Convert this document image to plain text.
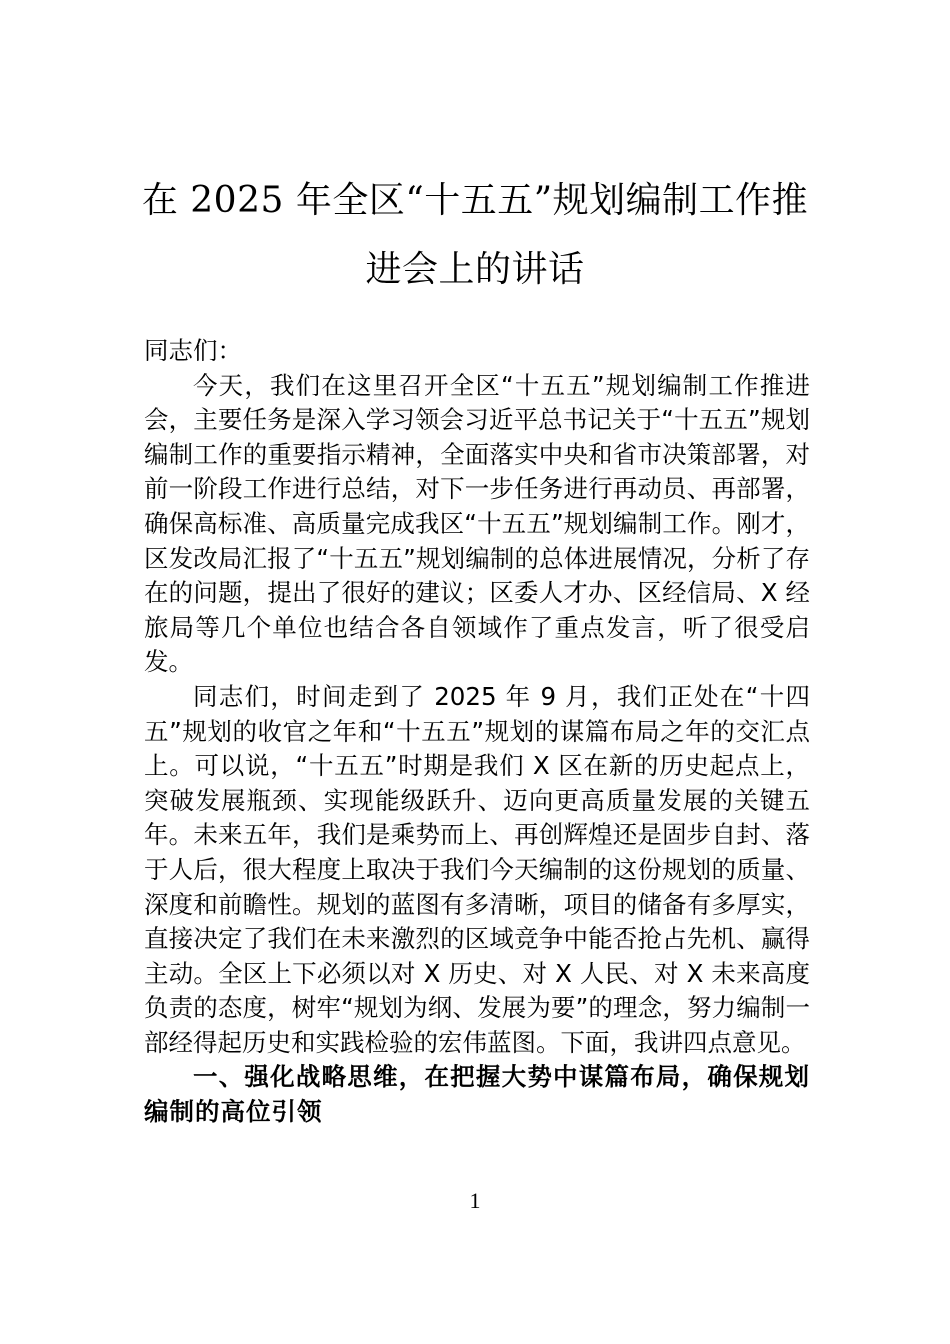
在 2025 年全区“十五五”规划编制工作推
进会上的讲话

同志们：

今天，我们在这里召开全区“十五五”规划编制工作推进会，主要任务是深入学习领会习近平总书记关于“十五五”规划编制工作的重要指示精神，全面落实中央和省市决策部署，对前一阶段工作进行总结，对下一步任务进行再动员、再部署，确保高标准、高质量完成我区“十五五”规划编制工作。刚才，区发改局汇报了“十五五”规划编制的总体进展情况，分析了存在的问题，提出了很好的建议；区委人才办、区经信局、X 经旅局等几个单位也结合各自领域作了重点发言，听了很受启发。

同志们，时间走到了 2025 年 9 月，我们正处在“十四五”规划的收官之年和“十五五”规划的谋篇布局之年的交汇点上。可以说，“十五五”时期是我们 X 区在新的历史起点上，突破发展瓶颈、实现能级跃升、迈向更高质量发展的关键五年。未来五年，我们是乘势而上、再创辉煌还是固步自封、落于人后，很大程度上取决于我们今天编制的这份规划的质量、深度和前瞻性。规划的蓝图有多清晰，项目的储备有多厚实，直接决定了我们在未来激烈的区域竞争中能否抢占先机、赢得主动。全区上下必须以对 X 历史、对 X 人民、对 X 未来高度负责的态度，树牢“规划为纲、发展为要”的理念，努力编制一部经得起历史和实践检验的宏伟蓝图。下面，我讲四点意见。

一、强化战略思维，在把握大势中谋篇布局，确保规划编制的高位引领

1
